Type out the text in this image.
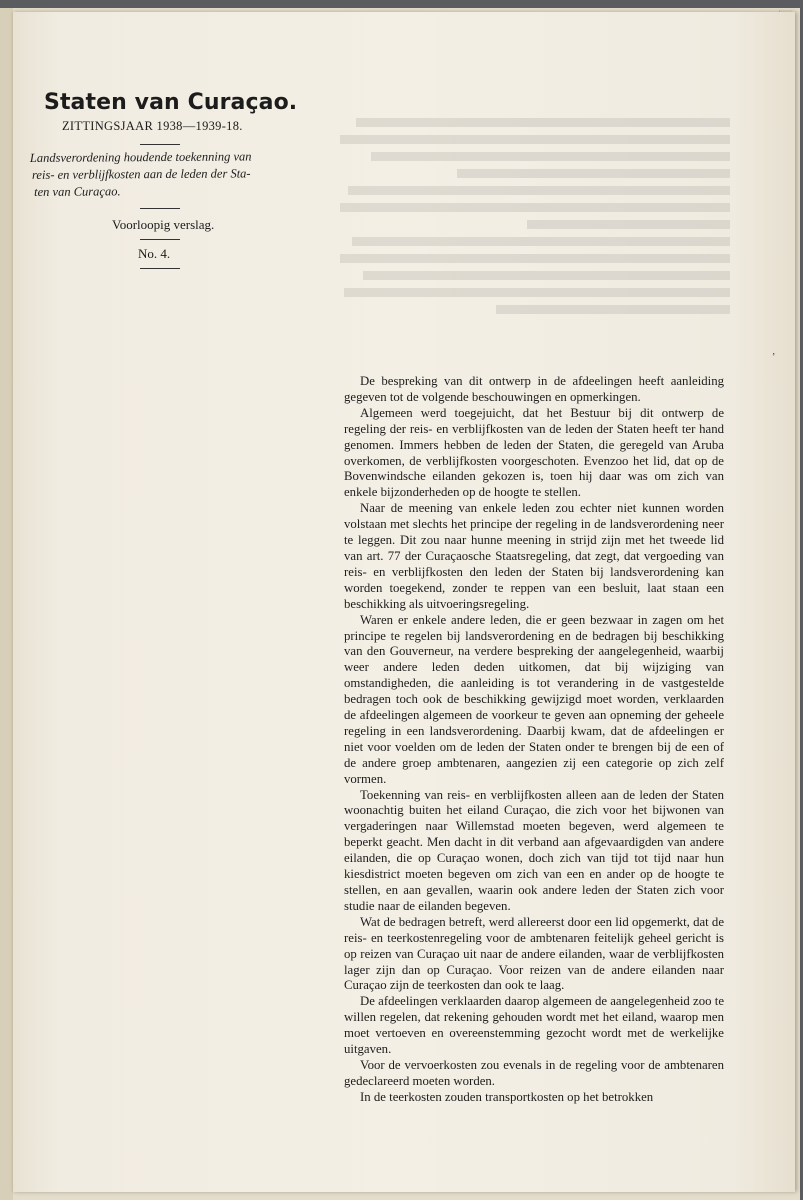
Staten van Curaçao.
ZITTINGSJAAR 1938—1939-18.
Landsverordening houdende toekenning van
reis- en verblijfkosten aan de leden der Sta-
ten van Curaçao.
Voorloopig verslag.
No. 4.
’

De bespreking van dit ontwerp in de afdeelingen heeft aanleiding gegeven tot de volgende beschouwingen en opmerkingen.

Algemeen werd toegejuicht, dat het Bestuur bij dit ontwerp de regeling der reis- en verblijfkosten van de leden der Staten heeft ter hand genomen. Immers hebben de leden der Staten, die geregeld van Aruba overkomen, de verblijfkosten voorgeschoten. Evenzoo het lid, dat op de Bovenwindsche eilanden gekozen is, toen hij daar was om zich van enkele bijzonderheden op de hoogte te stellen.

Naar de meening van enkele leden zou echter niet kunnen worden volstaan met slechts het principe der regeling in de landsverordening neer te leggen. Dit zou naar hunne meening in strijd zijn met het tweede lid van art. 77 der Curaçaosche Staatsregeling, dat zegt, dat vergoeding van reis- en verblijfkosten den leden der Staten bij landsverordening kan worden toegekend, zonder te reppen van een besluit, laat staan een beschikking als uitvoeringsregeling.

Waren er enkele andere leden, die er geen bezwaar in zagen om het principe te regelen bij landsverordening en de bedragen bij beschikking van den Gouverneur, na verdere bespreking der aangelegenheid, waarbij weer andere leden deden uitkomen, dat bij wijziging van omstandigheden, die aanleiding is tot verandering in de vastgestelde bedragen toch ook de beschikking gewijzigd moet worden, verklaarden de afdeelingen algemeen de voorkeur te geven aan opneming der geheele regeling in een landsverordening. Daarbij kwam, dat de afdeelingen er niet voor voelden om de leden der Staten onder te brengen bij de een of de andere groep ambtenaren, aangezien zij een categorie op zich zelf vormen.

Toekenning van reis- en verblijfkosten alleen aan de leden der Staten woonachtig buiten het eiland Curaçao, die zich voor het bijwonen van vergaderingen naar Willemstad moeten begeven, werd algemeen te beperkt geacht. Men dacht in dit verband aan afgevaardigden van andere eilanden, die op Curaçao wonen, doch zich van tijd tot tijd naar hun kiesdistrict moeten begeven om zich van een en ander op de hoogte te stellen, en aan gevallen, waarin ook andere leden der Staten zich voor studie naar de eilanden begeven.

Wat de bedragen betreft, werd allereerst door een lid opgemerkt, dat de reis- en teerkostenregeling voor de ambtenaren feitelijk geheel gericht is op reizen van Curaçao uit naar de andere eilanden, waar de verblijfkosten lager zijn dan op Curaçao. Voor reizen van de andere eilanden naar Curaçao zijn de teerkosten dan ook te laag.

De afdeelingen verklaarden daarop algemeen de aangelegenheid zoo te willen regelen, dat rekening gehouden wordt met het eiland, waarop men moet vertoeven en overeenstemming gezocht wordt met de werkelijke uitgaven.

Voor de vervoerkosten zou evenals in de regeling voor de ambtenaren gedeclareerd moeten worden.

In de teerkosten zouden transportkosten op het betrokken
